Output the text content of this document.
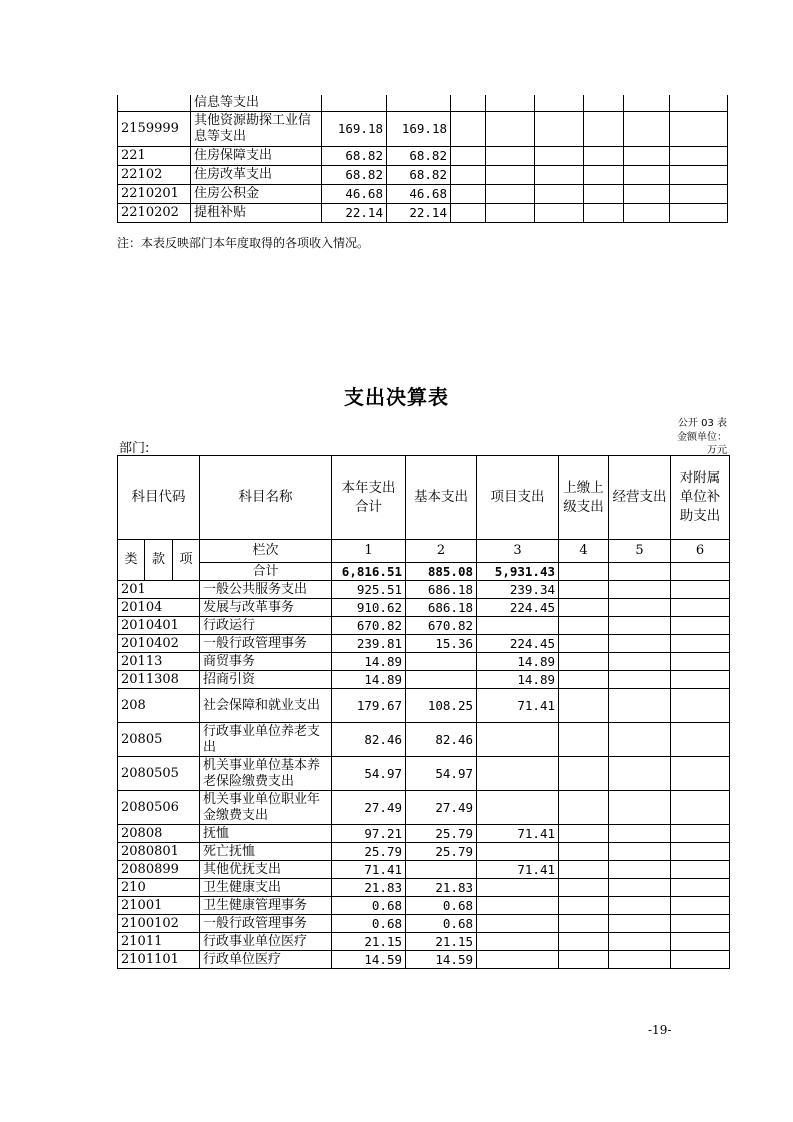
	信息等支出								
2159999	其他资源勘探工业信息等支出	169.18	169.18						
221	住房保障支出	68.82	68.82						
22102	住房改革支出	68.82	68.82						
2210201	住房公积金	46.68	46.68						
2210202	提租补贴	22.14	22.14						
注：本表反映部门本年度取得的各项收入情况。
支出决算表
公开 03 表
金额单位：
万元
部门:
科目代码			科目名称	本年支出合计	基本支出	项目支出	上缴上级支出	经营支出	对附属单位补助支出
类	款	项	栏次	1	2	3	4	5	6
			合计	6,816.51	885.08	5,931.43			
201			一般公共服务支出	925.51	686.18	239.34			
20104			发展与改革事务	910.62	686.18	224.45			
2010401			行政运行	670.82	670.82				
2010402			一般行政管理事务	239.81	15.36	224.45			
20113			商贸事务	14.89		14.89			
2011308			招商引资	14.89		14.89			
208			社会保障和就业支出	179.67	108.25	71.41			
20805			行政事业单位养老支出	82.46	82.46				
2080505			机关事业单位基本养老保险缴费支出	54.97	54.97				
2080506			机关事业单位职业年金缴费支出	27.49	27.49				
20808			抚恤	97.21	25.79	71.41			
2080801			死亡抚恤	25.79	25.79				
2080899			其他优抚支出	71.41		71.41			
210			卫生健康支出	21.83	21.83				
21001			卫生健康管理事务	0.68	0.68				
2100102			一般行政管理事务	0.68	0.68				
21011			行政事业单位医疗	21.15	21.15				
2101101			行政单位医疗	14.59	14.59				
-19-
